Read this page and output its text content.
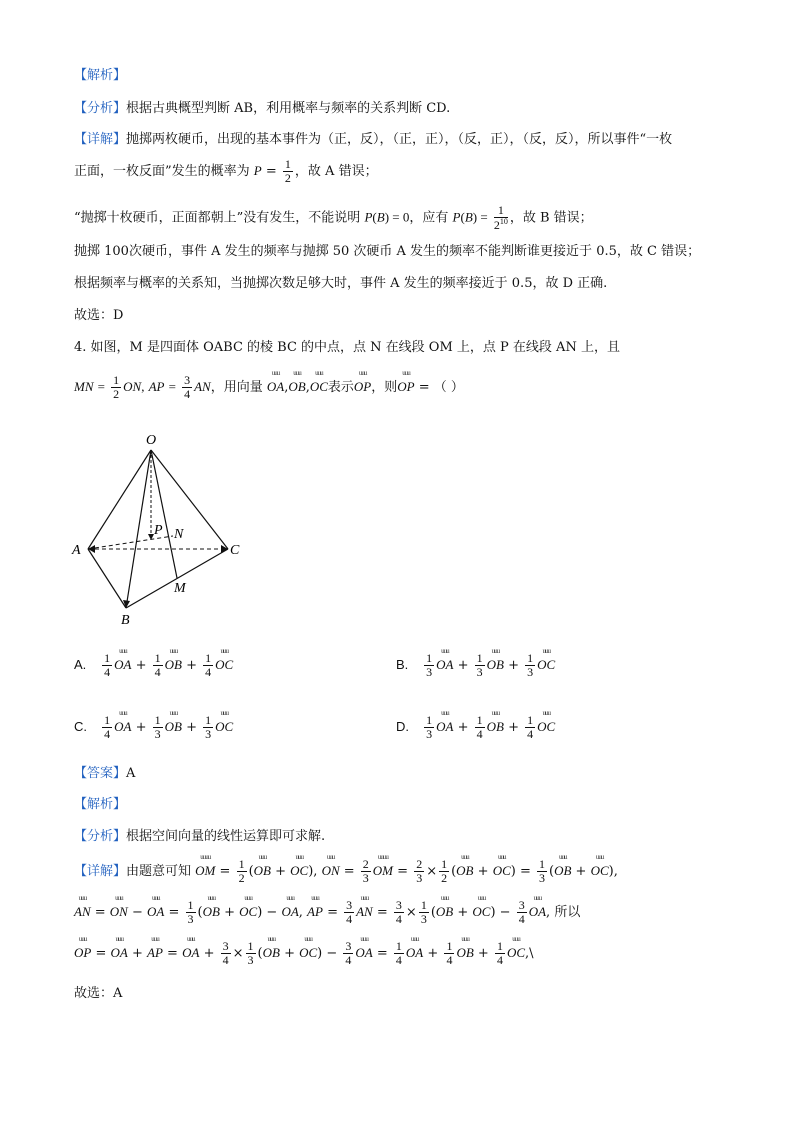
【解析】
【分析】根据古典概型判断 AB，利用概率与频率的关系判断 CD.
【详解】抛掷两枚硬币，出现的基本事件为（正，反），（正，正），（反，正），（反，反），所以事件“一枚
正面，一枚反面”发生的概率为 $P = \frac{1}{2}$ ，故 A 错误；
“抛掷十枚硬币，正面都朝上”没有发生，不能说明 P(B) = 0，应有 $P(B) = \frac{1}{2^{10}}$ ，故 B 错误；
抛掷 100次硬币，事件 A 发生的频率与抛掷 50 次硬币 A 发生的频率不能判断谁更接近于 0.5，故 C 错误；
根据频率与概率的关系知，当抛掷次数足够大时，事件 A 发生的频率接近于 0.5，故 D 正确.
故选：D
4. 如图，M 是四面体 OABC 的棱 BC 的中点，点 N 在线段 OM 上，点 P 在线段 AN 上，且
MN = $\frac{1}{2}$ ON, AP = $\frac{3}{4}$ AN，用向量
uuu
OA,
uuu
OB,
uuu
OC表示
uuu
OP，则
uuu
OP = （ ）
O
P N
A	C
M
B
A. $\frac{1}{4}$
uuu
OA + $\frac{1}{4}$
uuu
OB + $\frac{1}{4}$
uuu
OC	B. $\frac{1}{3}$
uuu
OA + $\frac{1}{3}$
uuu
OB + $\frac{1}{3}$
uuu
OC
C. $\frac{1}{4}$
uuu
OA + $\frac{1}{3}$
uuu
OB + $\frac{1}{3}$
uuu
OC	D. $\frac{1}{3}$
uuu
OA + $\frac{1}{4}$
uuu
OB + $\frac{1}{4}$
uuu
OC
【答案】A
【解析】
【分析】根据空间向量的线性运算即可求解.
【详解】由题意可知
uuuu
OM = $\frac{1}{2}$ (
uuu
OB +
uuu
OC),
uuu
ON = $\frac{2}{3}$
uuuu
OM = $\frac{2}{3} \times \frac{1}{2}$ (
uuu
OB +
uuu
$OC) = \frac{1}{3}$ (
uuu
OB +
uuu
OC),
uuu
AN =
uuu
ON −
uuu
OA = $\frac{1}{3}$ (
uuu
OB +
uuu
OC) −
uuu
OA,
uuu
AP = $\frac{3}{4}$
uuu
AN = $\frac{3}{4} \times \frac{1}{3}$ (
uuu
OB +
uuu
$OC) - \frac{3}{4}$
uuu
OA, 所以
uuu
OP =
uuu
OA +
uuu
AP =
uuu
OA + $\frac{3}{4} \times \frac{1}{3}$ (
uuu
OB +
uuu
$OC) - \frac{3}{4}$
uuu
OA = $\frac{1}{4}$
uuu
OA + $\frac{1}{4}$
uuu
OB + $\frac{1}{4}$
uuu
OC,\
故选：A
